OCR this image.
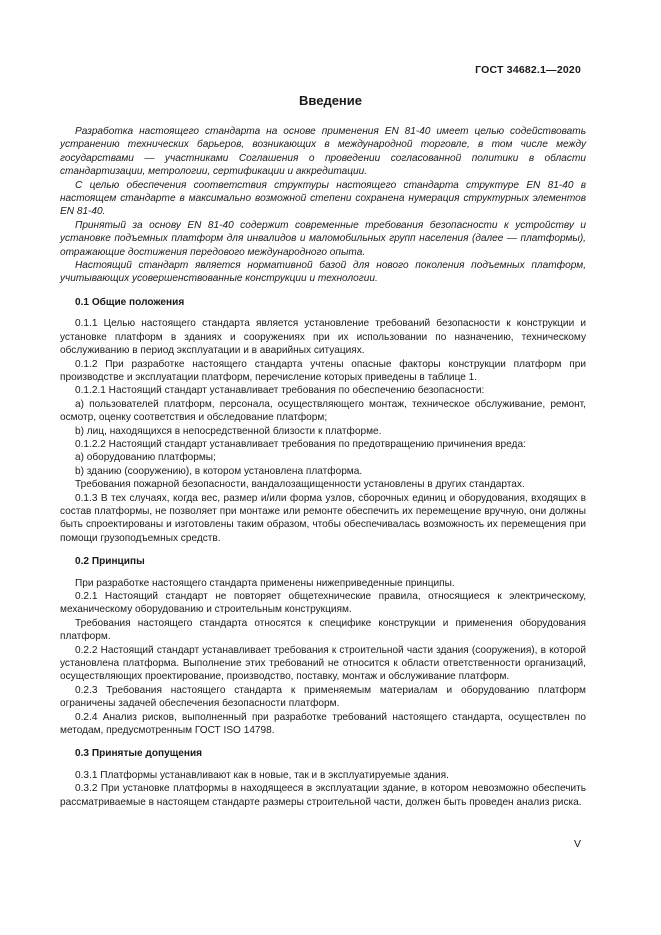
ГОСТ 34682.1—2020
Введение

Разработка настоящего стандарта на основе применения EN 81-40 имеет целью содействовать устранению технических барьеров, возникающих в международной торговле, в том числе между государствами — участниками Соглашения о проведении согласованной политики в области стандартизации, метрологии, сертификации и аккредитации.

С целью обеспечения соответствия структуры настоящего стандарта структуре EN 81-40 в настоящем стандарте в максимально возможной степени сохранена нумерация структурных элементов EN 81-40.

Принятый за основу EN 81-40 содержит современные требования безопасности к устройству и установке подъемных платформ для инвалидов и маломобильных групп населения (далее — платформы), отражающие достижения передового международного опыта.

Настоящий стандарт является нормативной базой для нового поколения подъемных платформ, учитывающих усовершенствованные конструкции и технологии.

0.1 Общие положения

0.1.1 Целью настоящего стандарта является установление требований безопасности к конструкции и установке платформ в зданиях и сооружениях при их использовании по назначению, техническому обслуживанию в период эксплуатации и в аварийных ситуациях.

0.1.2 При разработке настоящего стандарта учтены опасные факторы конструкции платформ при производстве и эксплуатации платформ, перечисление которых приведены в таблице 1.

0.1.2.1 Настоящий стандарт устанавливает требования по обеспечению безопасности:

a) пользователей платформ, персонала, осуществляющего монтаж, техническое обслуживание, ремонт, осмотр, оценку соответствия и обследование платформ;

b) лиц, находящихся в непосредственной близости к платформе.

0.1.2.2 Настоящий стандарт устанавливает требования по предотвращению причинения вреда:

a) оборудованию платформы;

b) зданию (сооружению), в котором установлена платформа.

Требования пожарной безопасности, вандалозащищенности установлены в других стандартах.

0.1.3 В тех случаях, когда вес, размер и/или форма узлов, сборочных единиц и оборудования, входящих в состав платформы, не позволяет при монтаже или ремонте обеспечить их перемещение вручную, они должны быть спроектированы и изготовлены таким образом, чтобы обеспечивалась возможность их перемещения при помощи грузоподъемных средств.

0.2 Принципы

При разработке настоящего стандарта применены нижеприведенные принципы.

0.2.1 Настоящий стандарт не повторяет общетехнические правила, относящиеся к электрическому, механическому оборудованию и строительным конструкциям.

Требования настоящего стандарта относятся к специфике конструкции и применения оборудования платформ.

0.2.2 Настоящий стандарт устанавливает требования к строительной части здания (сооружения), в которой установлена платформа. Выполнение этих требований не относится к области ответственности организаций, осуществляющих проектирование, производство, поставку, монтаж и обслуживание платформ.

0.2.3 Требования настоящего стандарта к применяемым материалам и оборудованию платформ ограничены задачей обеспечения безопасности платформ.

0.2.4 Анализ рисков, выполненный при разработке требований настоящего стандарта, осуществлен по методам, предусмотренным ГОСТ ISO 14798.

0.3 Принятые допущения

0.3.1 Платформы устанавливают как в новые, так и в эксплуатируемые здания.

0.3.2 При установке платформы в находящееся в эксплуатации здание, в котором невозможно обеспечить рассматриваемые в настоящем стандарте размеры строительной части, должен быть проведен анализ риска.

V
